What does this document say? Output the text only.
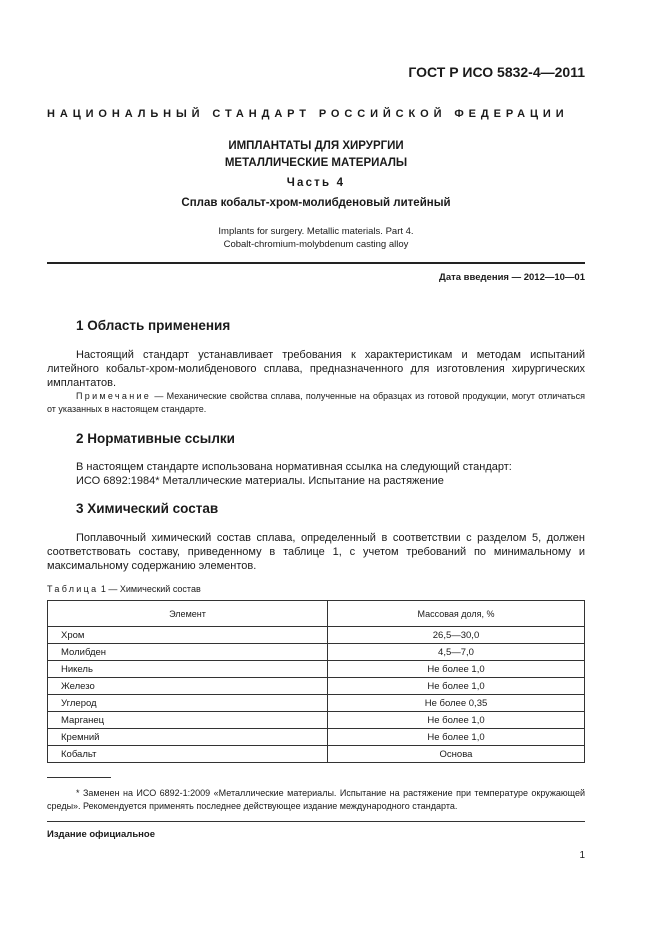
ГОСТ Р ИСО 5832-4—2011
НАЦИОНАЛЬНЫЙ СТАНДАРТ РОССИЙСКОЙ ФЕДЕРАЦИИ
ИМПЛАНТАТЫ ДЛЯ ХИРУРГИИ
МЕТАЛЛИЧЕСКИЕ МАТЕРИАЛЫ
Часть 4
Сплав кобальт-хром-молибденовый литейный
Implants for surgery. Metallic materials. Part 4.
Cobalt-chromium-molybdenum casting alloy
Дата введения — 2012—10—01
1 Область применения

Настоящий стандарт устанавливает требования к характеристикам и методам испытаний литейного кобальт-хром-молибденового сплава, предназначенного для изготовления хирургических имплантатов.

Примечание — Механические свойства сплава, полученные на образцах из готовой продукции, могут отличаться от указанных в настоящем стандарте.
2 Нормативные ссылки

В настоящем стандарте использована нормативная ссылка на следующий стандарт:

ИСО 6892:1984* Металлические материалы. Испытание на растяжение

3 Химический состав

Поплавочный химический состав сплава, определенный в соответствии с разделом 5, должен соответствовать составу, приведенному в таблице 1, с учетом требований по минимальному и максимальному содержанию элементов.

Таблица 1 — Химический состав
Элемент	Массовая доля, %
Хром	26,5—30,0
Молибден	4,5—7,0
Никель	Не более 1,0
Железо	Не более 1,0
Углерод	Не более 0,35
Марганец	Не более 1,0
Кремний	Не более 1,0
Кобальт	Основа
* Заменен на ИСО 6892-1:2009 «Металлические материалы. Испытание на растяжение при температуре окружающей среды». Рекомендуется применять последнее действующее издание международного стандарта.
Издание официальное
1
